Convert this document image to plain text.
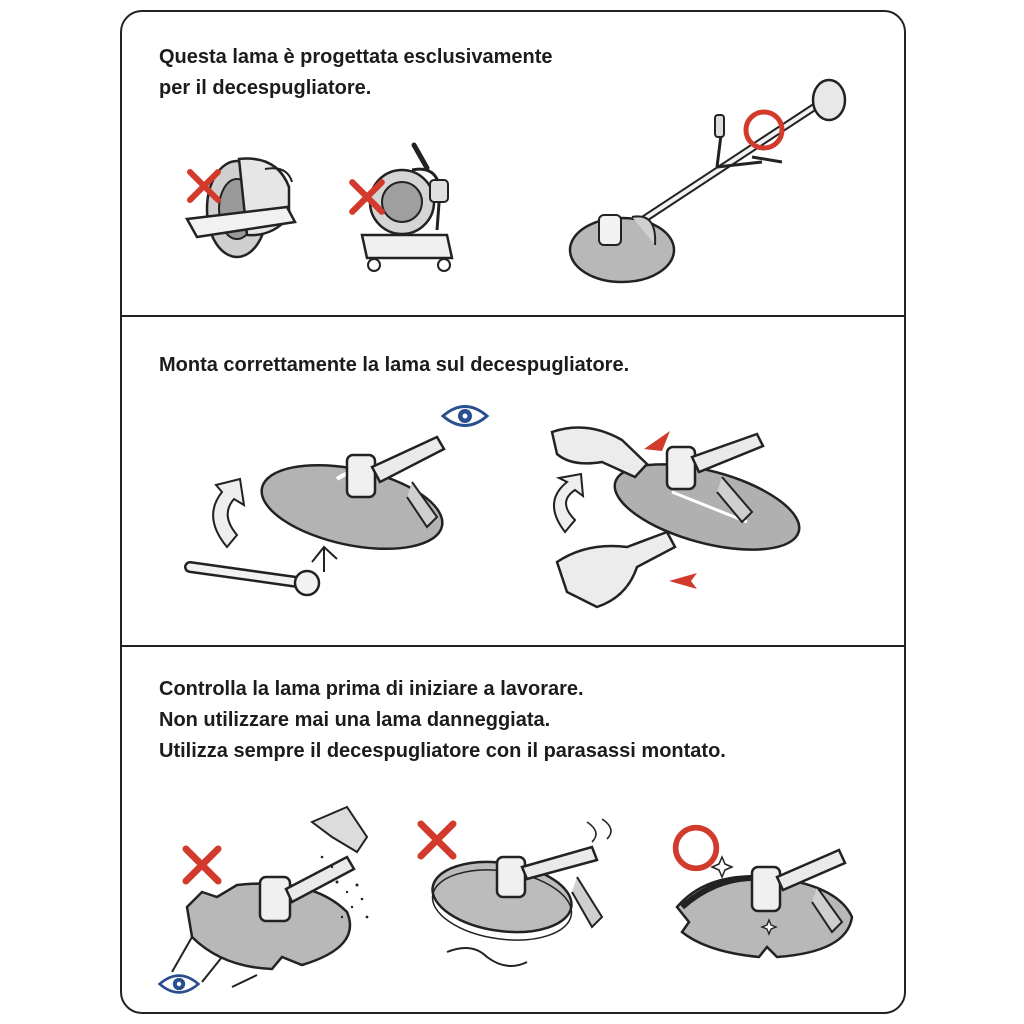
Questa lama è progettata esclusivamente
per il decespugliatore.
Monta correttamente la lama sul decespugliatore.
Controlla la lama prima di iniziare a lavorare.
Non utilizzare mai una lama danneggiata.
Utilizza sempre il decespugliatore con il parasassi montato.
